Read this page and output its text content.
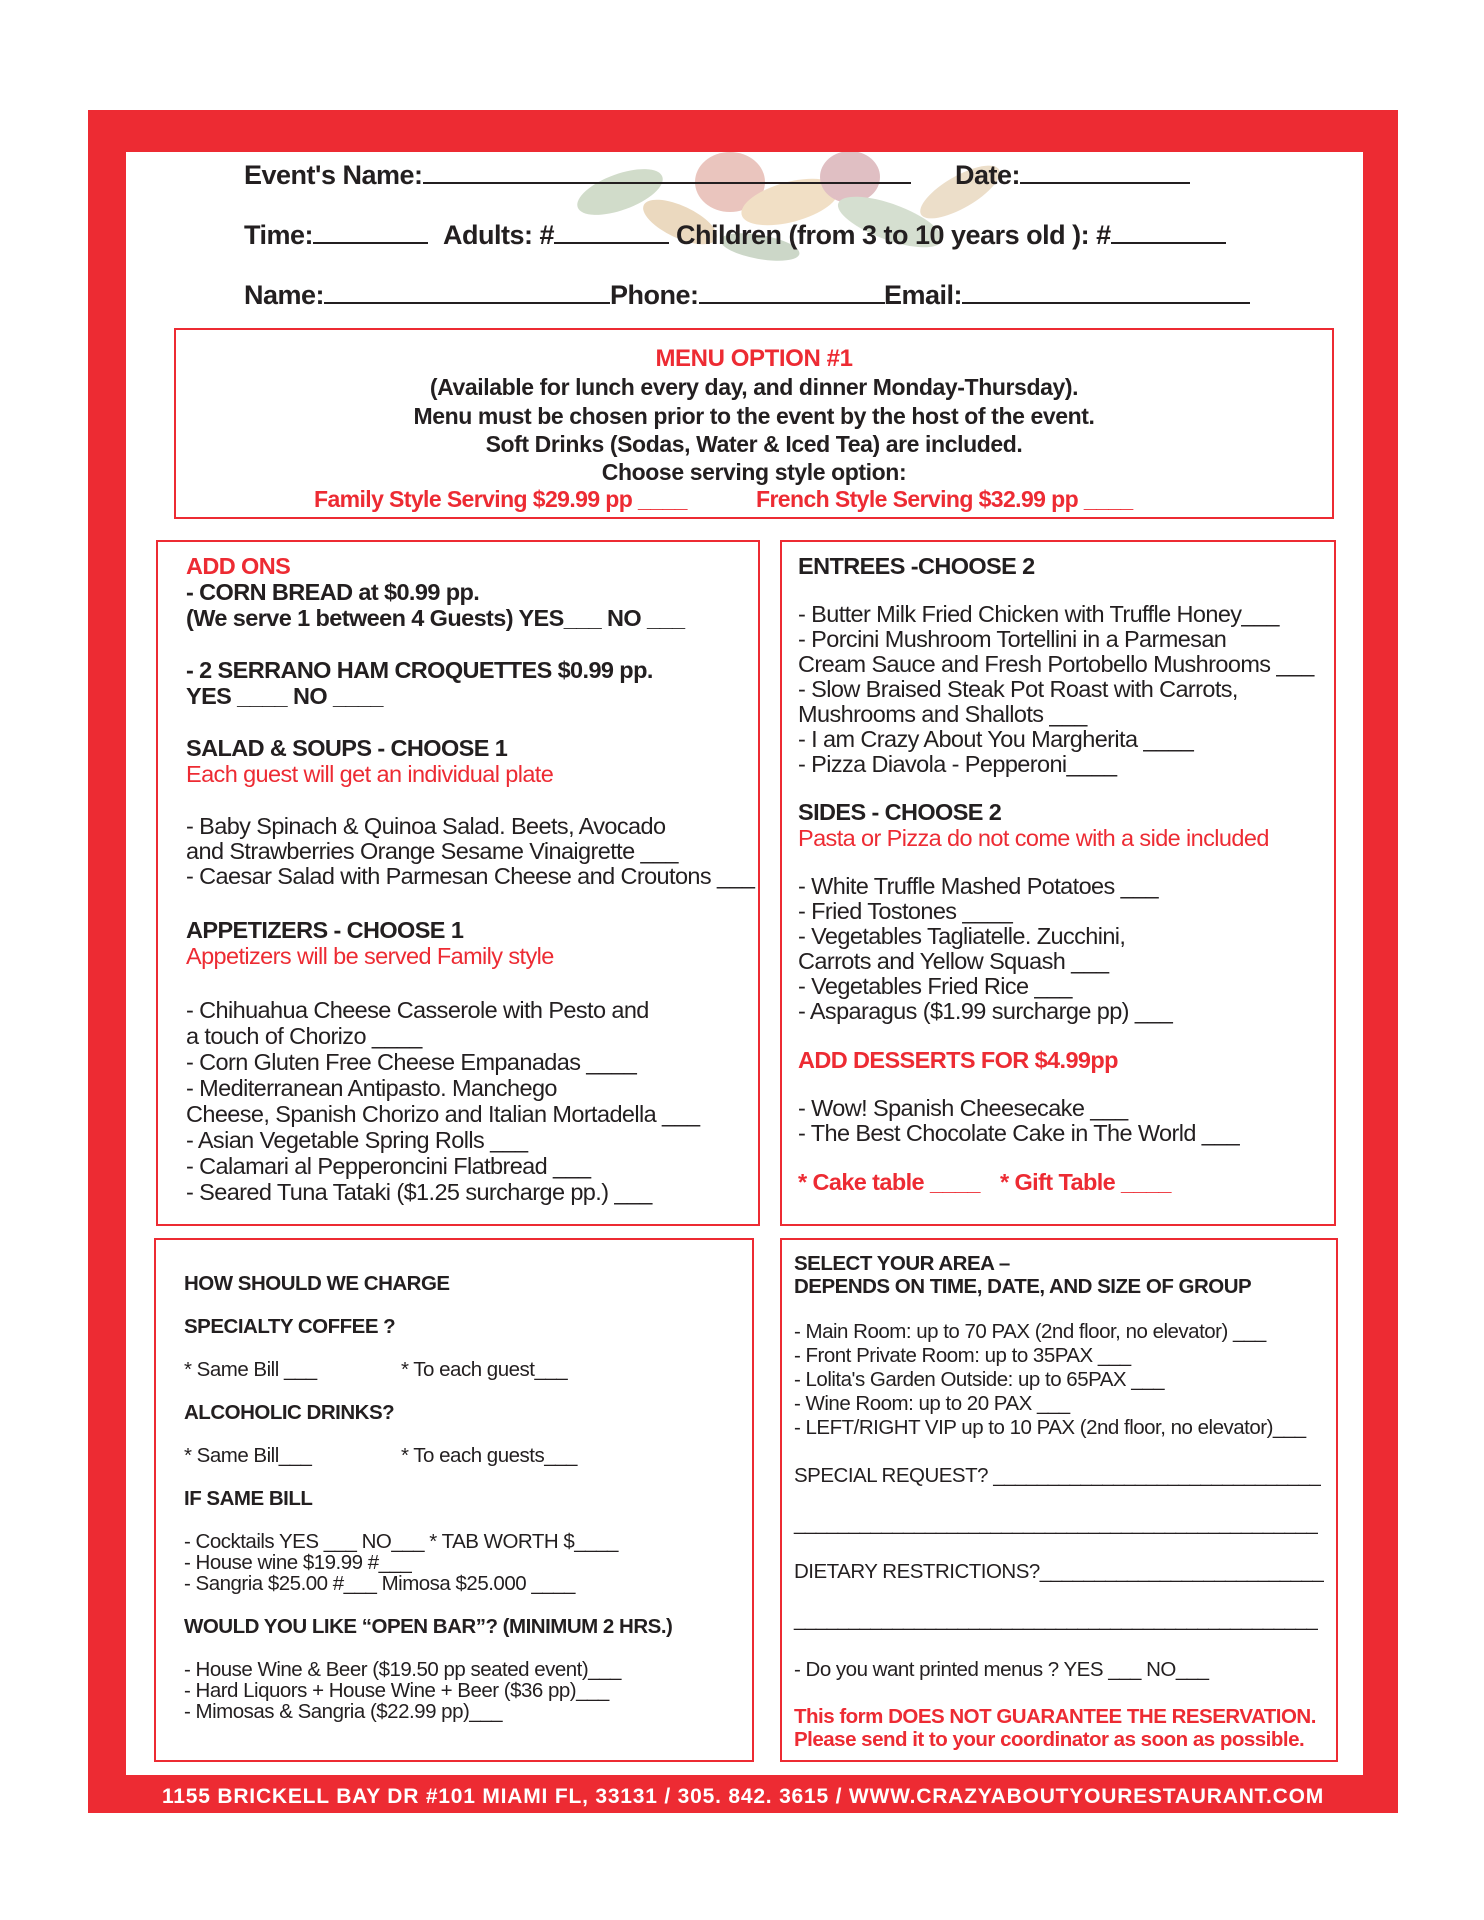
Event's Name:	Date:
Time:	Adults: #	Children (from 3 to 10 years old ): #
Name:	Phone:	Email:
MENU OPTION #1
(Available for lunch every day, and dinner Monday-Thursday).
Menu must be chosen prior to the event by the host of the event.
Soft Drinks (Sodas, Water & Iced Tea) are included.
Choose serving style option:
Family Style Serving $29.99 pp ____	French Style Serving $32.99 pp ____
ADD ONS
- CORN BREAD at $0.99 pp.
(We serve 1 between 4 Guests) YES___ NO ___
- 2 SERRANO HAM CROQUETTES $0.99 pp.
YES ____ NO ____
SALAD & SOUPS - CHOOSE 1
Each guest will get an individual plate
- Baby Spinach & Quinoa Salad. Beets, Avocado
and Strawberries Orange Sesame Vinaigrette ___
- Caesar Salad with Parmesan Cheese and Croutons ___
APPETIZERS - CHOOSE 1
Appetizers will be served Family style
- Chihuahua Cheese Casserole with Pesto and
a touch of Chorizo ____
- Corn Gluten Free Cheese Empanadas ____
- Mediterranean Antipasto. Manchego
Cheese, Spanish Chorizo and Italian Mortadella ___
- Asian Vegetable Spring Rolls ___
- Calamari al Pepperoncini Flatbread ___
- Seared Tuna Tataki ($1.25 surcharge pp.) ___
ENTREES -CHOOSE 2
- Butter Milk Fried Chicken with Truffle Honey___
- Porcini Mushroom Tortellini in a Parmesan
Cream Sauce and Fresh Portobello Mushrooms ___
- Slow Braised Steak Pot Roast with Carrots,
Mushrooms and Shallots ___
- I am Crazy About You Margherita ____
- Pizza Diavola - Pepperoni____
SIDES - CHOOSE 2
Pasta or Pizza do not come with a side included
- White Truffle Mashed Potatoes ___
- Fried Tostones ____
- Vegetables Tagliatelle. Zucchini,
Carrots and Yellow Squash ___
- Vegetables Fried Rice ___
- Asparagus ($1.99 surcharge pp) ___
ADD DESSERTS FOR $4.99pp
- Wow! Spanish Cheesecake ___
- The Best Chocolate Cake in The World ___
* Cake table ____ * Gift Table ____
HOW SHOULD WE CHARGE
SPECIALTY COFFEE ?
* Same Bill ___	* To each guest___
ALCOHOLIC DRINKS?
* Same Bill___	* To each guests___
IF SAME BILL
- Cocktails YES ___ NO___ * TAB WORTH $____
- House wine $19.99 #___
- Sangria $25.00 #___ Mimosa $25.000 ____
WOULD YOU LIKE “OPEN BAR”? (MINIMUM 2 HRS.)
- House Wine & Beer ($19.50 pp seated event)___
- Hard Liquors + House Wine + Beer ($36 pp)___
- Mimosas & Sangria ($22.99 pp)___
SELECT YOUR AREA –
DEPENDS ON TIME, DATE, AND SIZE OF GROUP
- Main Room: up to 70 PAX (2nd floor, no elevator) ___
- Front Private Room: up to 35PAX ___
- Lolita's Garden Outside: up to 65PAX ___
- Wine Room: up to 20 PAX ___
- LEFT/RIGHT VIP up to 10 PAX (2nd floor, no elevator)___
SPECIAL REQUEST? ______________________________
________________________________________________
DIETARY RESTRICTIONS?__________________________
________________________________________________
- Do you want printed menus ? YES ___ NO___
This form DOES NOT GUARANTEE THE RESERVATION.
Please send it to your coordinator as soon as possible.
1155 BRICKELL BAY DR #101 MIAMI FL, 33131 / 305. 842. 3615 / WWW.CRAZYABOUTYOURESTAURANT.COM
